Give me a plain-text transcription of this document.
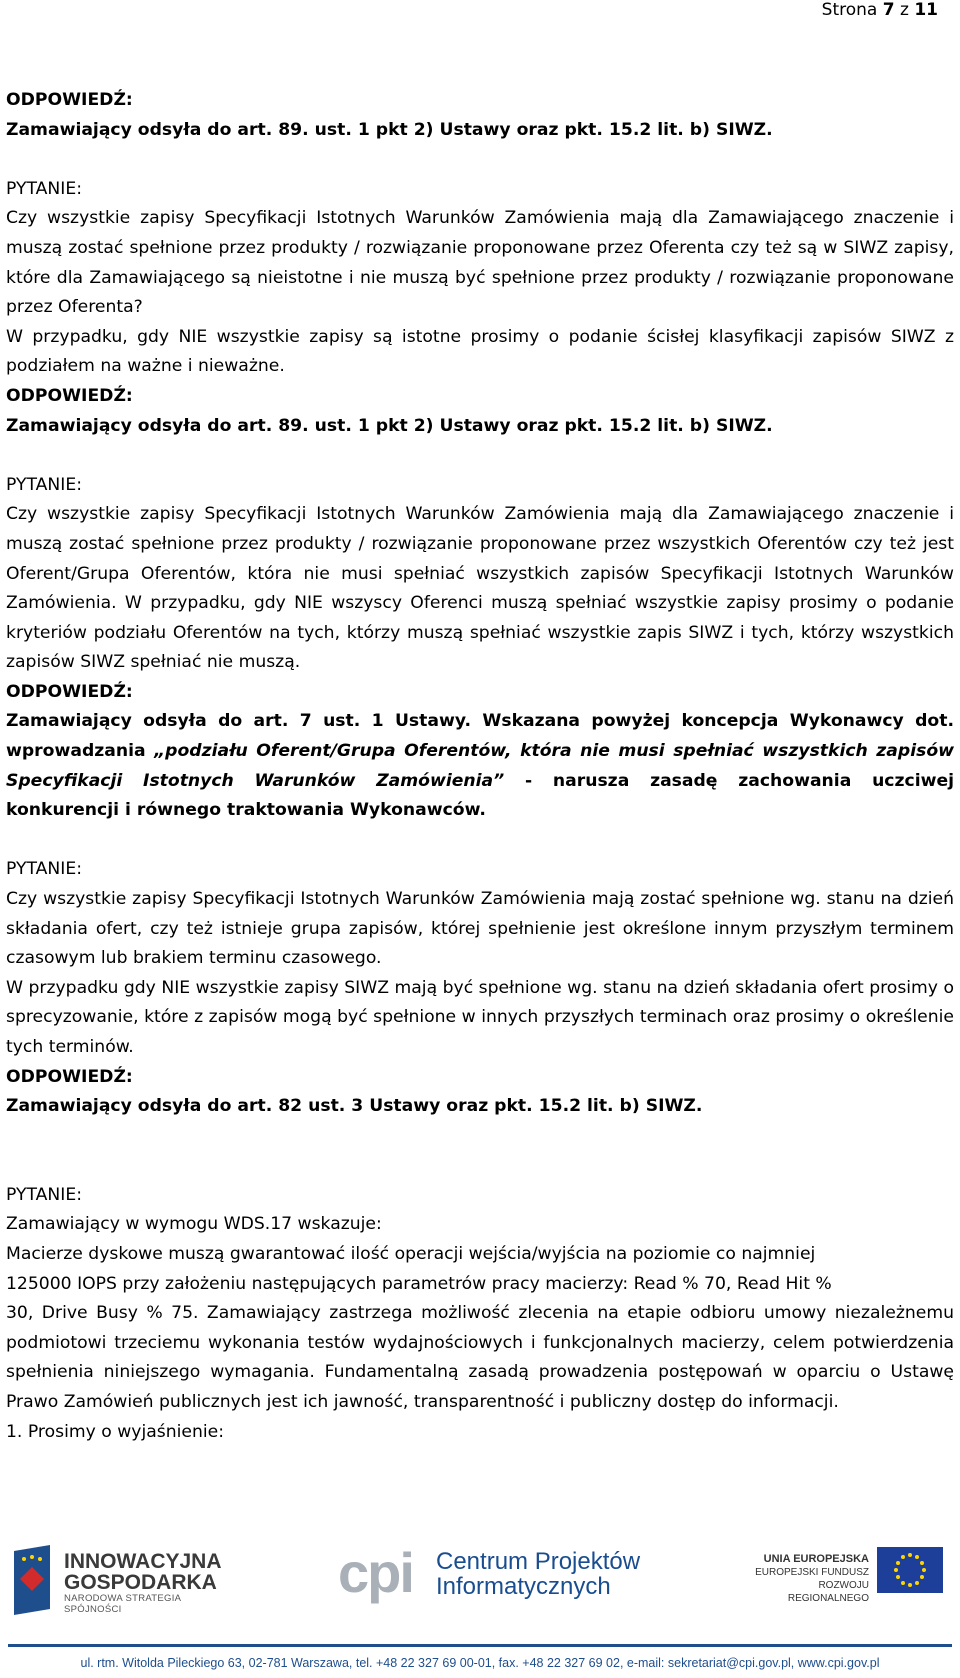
Strona 7 z 11

ODPOWIEDŹ:

Zamawiający odsyła do art. 89. ust. 1 pkt 2) Ustawy oraz pkt. 15.2 lit. b) SIWZ.

PYTANIE:

Czy wszystkie zapisy Specyfikacji Istotnych Warunków Zamówienia mają dla Zamawiającego znaczenie i muszą zostać spełnione przez produkty / rozwiązanie proponowane przez Oferenta czy też są w SIWZ zapisy, które dla Zamawiającego są nieistotne i nie muszą być spełnione przez produkty / rozwiązanie proponowane przez Oferenta?

W przypadku, gdy NIE wszystkie zapisy są istotne prosimy o podanie ścisłej klasyfikacji zapisów SIWZ z podziałem na ważne i nieważne.

ODPOWIEDŹ:

Zamawiający odsyła do art. 89. ust. 1 pkt 2) Ustawy oraz pkt. 15.2 lit. b) SIWZ.

PYTANIE:

Czy wszystkie zapisy Specyfikacji Istotnych Warunków Zamówienia mają dla Zamawiającego znaczenie i muszą zostać spełnione przez produkty / rozwiązanie proponowane przez wszystkich Oferentów czy też jest Oferent/Grupa Oferentów, która nie musi spełniać wszystkich zapisów Specyfikacji Istotnych Warunków Zamówienia. W przypadku, gdy NIE wszyscy Oferenci muszą spełniać wszystkie zapisy prosimy o podanie kryteriów podziału Oferentów na tych, którzy muszą spełniać wszystkie zapis SIWZ i tych, którzy wszystkich zapisów SIWZ spełniać nie muszą.

ODPOWIEDŹ:

Zamawiający odsyła do art. 7 ust. 1 Ustawy. Wskazana powyżej koncepcja Wykonawcy dot. wprowadzania „podziału Oferent/Grupa Oferentów, która nie musi spełniać wszystkich zapisów Specyfikacji Istotnych Warunków Zamówienia” - narusza zasadę zachowania uczciwej konkurencji i równego traktowania Wykonawców.

PYTANIE:

Czy wszystkie zapisy Specyfikacji Istotnych Warunków Zamówienia mają zostać spełnione wg. stanu na dzień składania ofert, czy też istnieje grupa zapisów, której spełnienie jest określone innym przyszłym terminem czasowym lub brakiem terminu czasowego.

W przypadku gdy NIE wszystkie zapisy SIWZ mają być spełnione wg. stanu na dzień składania ofert prosimy o sprecyzowanie, które z zapisów mogą być spełnione w innych przyszłych terminach oraz prosimy o określenie tych terminów.

ODPOWIEDŹ:

Zamawiający odsyła do art. 82 ust. 3 Ustawy oraz pkt. 15.2 lit. b) SIWZ.

PYTANIE:

Zamawiający w wymogu WDS.17 wskazuje:

Macierze dyskowe muszą gwarantować ilość operacji wejścia/wyjścia na poziomie co najmniej

125000 IOPS przy założeniu następujących parametrów pracy macierzy: Read % 70, Read Hit %

30, Drive Busy % 75. Zamawiający zastrzega możliwość zlecenia na etapie odbioru umowy niezależnemu podmiotowi trzeciemu wykonania testów wydajnościowych i funkcjonalnych macierzy, celem potwierdzenia spełnienia niniejszego wymagania. Fundamentalną zasadą prowadzenia postępowań w oparciu o Ustawę Prawo Zamówień publicznych jest ich jawność, transparentność i publiczny dostęp do informacji.

1. Prosimy o wyjaśnienie:

INNOWACYJNA
GOSPODARKA
NARODOWA STRATEGIA SPÓJNOŚCI
cpi Centrum Projektów
Informatycznych
UNIA EUROPEJSKA
EUROPEJSKI FUNDUSZ
ROZWOJU REGIONALNEGO
ul. rtm. Witolda Pileckiego 63, 02-781 Warszawa, tel. +48 22 327 69 00-01, fax. +48 22 327 69 02, e-mail: sekretariat@cpi.gov.pl, www.cpi.gov.pl
